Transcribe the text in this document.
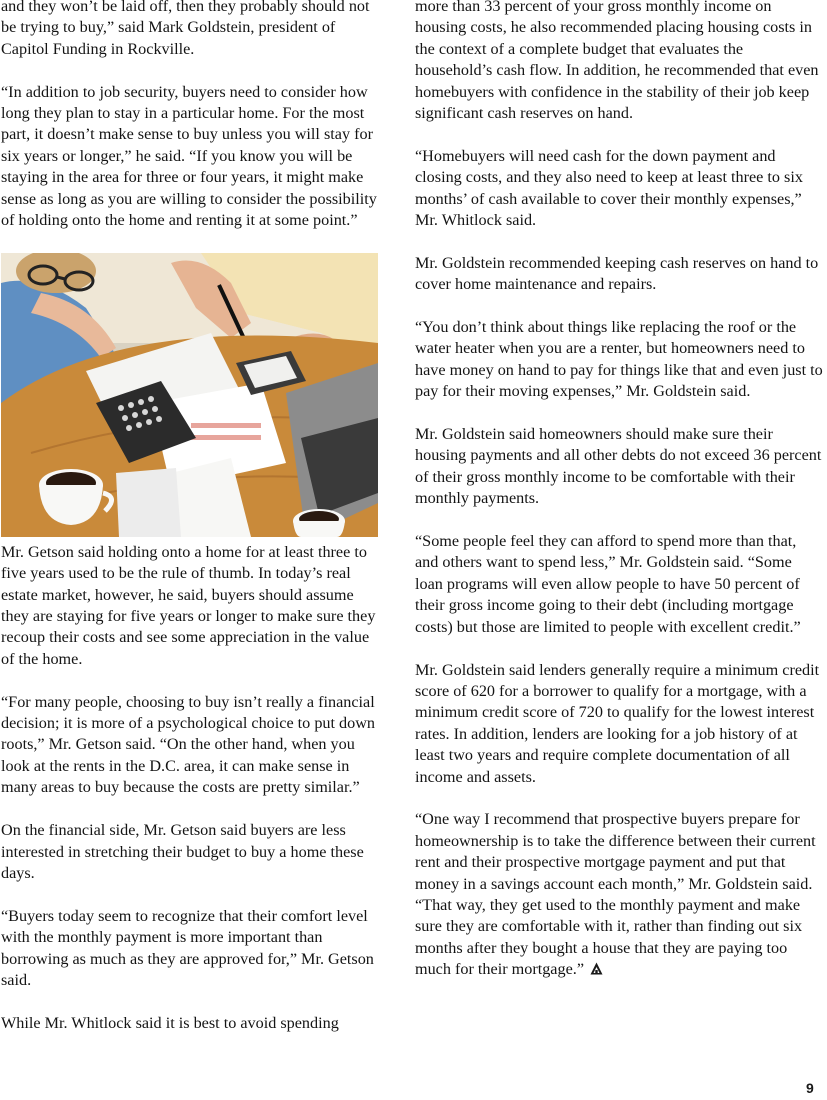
and they won’t be laid off, then they probably should not be trying to buy,” said Mark Goldstein, president of Capitol Funding in Rockville.

“In addition to job security, buyers need to consider how long they plan to stay in a particular home. For the most part, it doesn’t make sense to buy unless you will stay for six years or longer,” he said. “If you know you will be staying in the area for three or four years, it might make sense as long as you are willing to consider the possibility of holding onto the home and renting it at some point.”

Mr. Getson said holding onto a home for at least three to five years used to be the rule of thumb. In today’s real estate market, however, he said, buyers should assume they are staying for five years or longer to make sure they recoup their costs and see some appreciation in the value of the home.

“For many people, choosing to buy isn’t really a financial decision; it is more of a psychological choice to put down roots,” Mr. Getson said. “On the other hand, when you look at the rents in the D.C. area, it can make sense in many areas to buy because the costs are pretty similar.”

On the financial side, Mr. Getson said buyers are less interested in stretching their budget to buy a home these days.

“Buyers today seem to recognize that their comfort level with the monthly payment is more important than borrowing as much as they are approved for,” Mr. Getson said.

While Mr. Whitlock said it is best to avoid spending

more than 33 percent of your gross monthly income on housing costs, he also recommended placing housing costs in the context of a complete budget that evaluates the household’s cash flow. In addition, he recommended that even homebuyers with confidence in the stability of their job keep significant cash reserves on hand.

“Homebuyers will need cash for the down payment and closing costs, and they also need to keep at least three to six months’ of cash available to cover their monthly expenses,” Mr. Whitlock said.

Mr. Goldstein recommended keeping cash reserves on hand to cover home maintenance and repairs.

“You don’t think about things like replacing the roof or the water heater when you are a renter, but homeowners need to have money on hand to pay for things like that and even just to pay for their moving expenses,” Mr. Goldstein said.

Mr. Goldstein said homeowners should make sure their housing payments and all other debts do not exceed 36 percent of their gross monthly income to be comfortable with their monthly payments.

“Some people feel they can afford to spend more than that, and others want to spend less,” Mr. Goldstein said. “Some loan programs will even allow people to have 50 percent of their gross income going to their debt (including mortgage costs) but those are limited to people with excellent credit.”

Mr. Goldstein said lenders generally require a minimum credit score of 620 for a borrower to qualify for a mortgage, with a minimum credit score of 720 to qualify for the lowest interest rates. In addition, lenders are looking for a job history of at least two years and require complete documentation of all income and assets.

“One way I recommend that prospective buyers prepare for homeownership is to take the difference between their current rent and their prospective mortgage payment and put that money in a savings account each month,” Mr. Goldstein said. “That way, they get used to the monthly payment and make sure they are comfortable with it, rather than finding out six months after they bought a house that they are paying too much for their mortgage.”

9
